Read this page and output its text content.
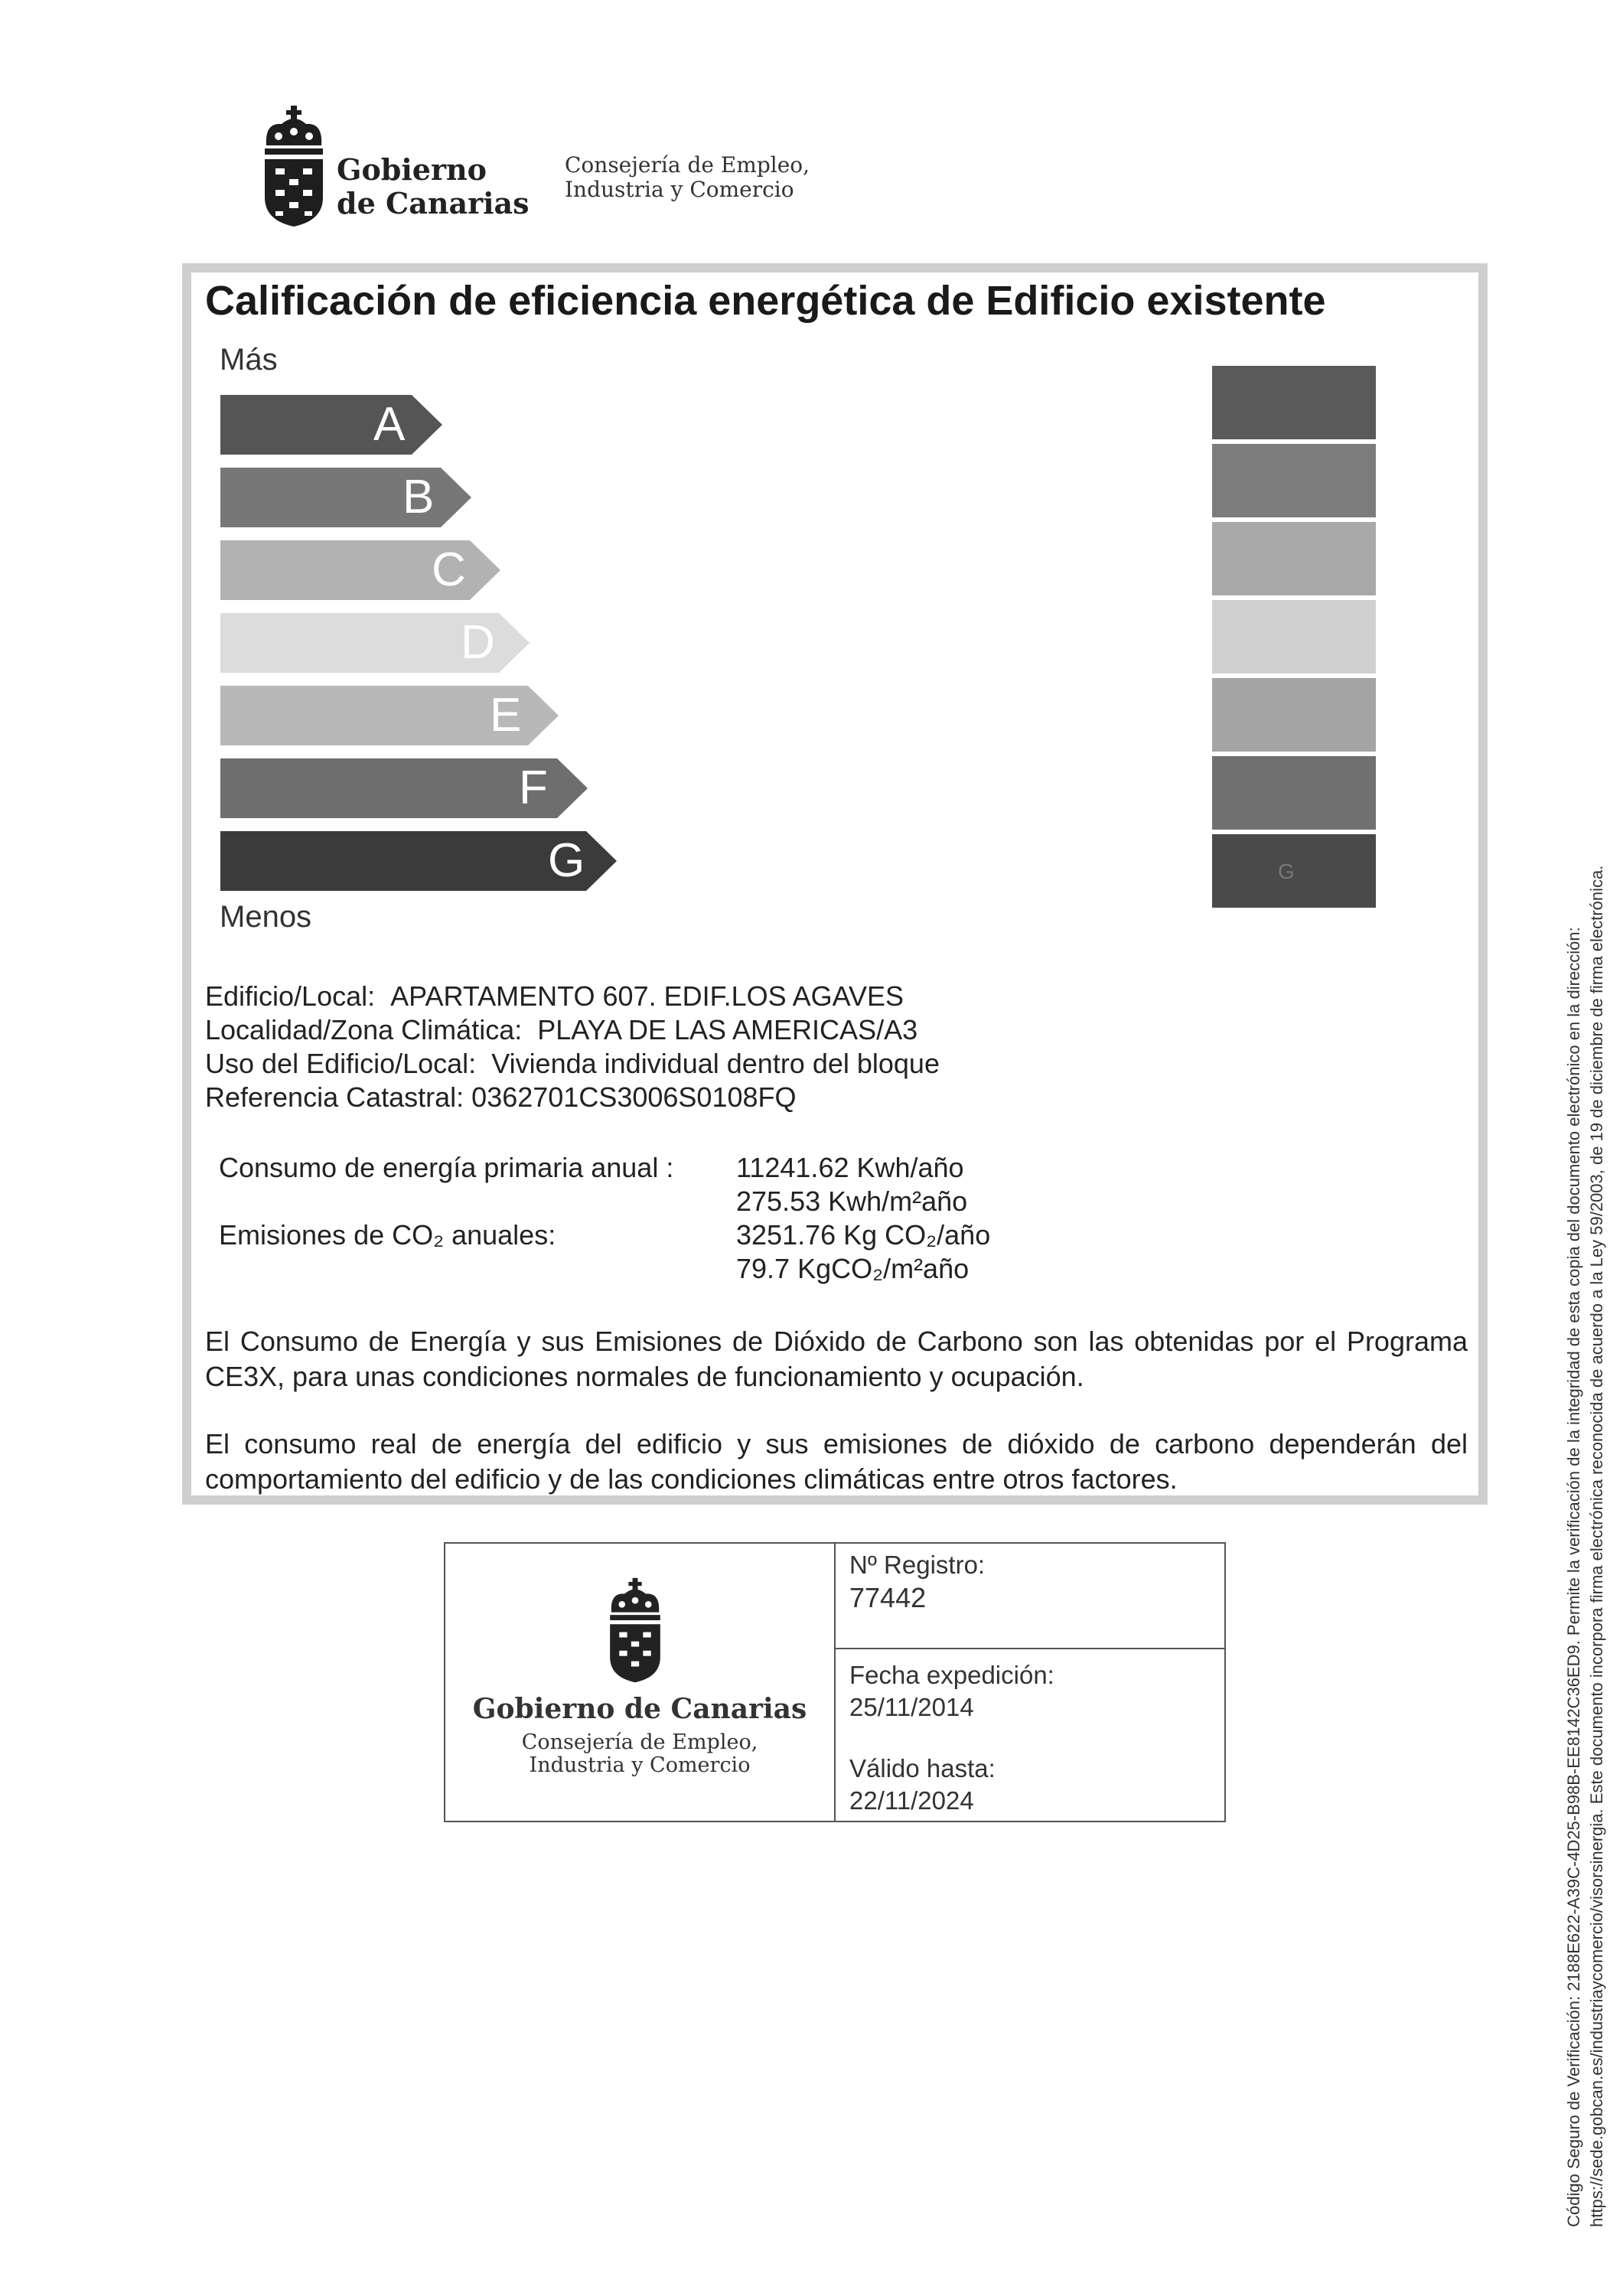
Gobierno
de Canarias
Consejería de Empleo,
Industria y Comercio
Calificación de eficiencia energética de Edificio existente
Más
Menos
A
B
C
D
E
F
G	G
Edificio/Local: APARTAMENTO 607. EDIF.LOS AGAVES
Localidad/Zona Climática: PLAYA DE LAS AMERICAS/A3
Uso del Edificio/Local: Vivienda individual dentro del bloque
Referencia Catastral: 0362701CS3006S0108FQ
Consumo de energía primaria anual : 11241.62 Kwh/año
275.53 Kwh/m²año
Emisiones de CO₂ anuales:	3251.76 Kg CO₂/año
79.7 KgCO₂/m²año
El Consumo de Energía y sus Emisiones de Dióxido de Carbono son las obtenidas por el Programa CE3X, para unas condiciones normales de funcionamiento y ocupación.
El consumo real de energía del edificio y sus emisiones de dióxido de carbono dependerán del comportamiento del edificio y de las condiciones climáticas entre otros factores.
Gobierno de Canarias
Consejería de Empleo,
Industria y Comercio
Nº Registro:
77442
Fecha expedición:
25/11/2014
Válido hasta:
22/11/2024	Código Seguro de Verificación: 2188E622-A39C-4D25-B98B-EE8142C36ED9. Permite la verificación de la integridad de esta copia del documento electrónico en la dirección: https://sede.gobcan.es/industriaycomercio/visorsinergia. Este documento incorpora firma electrónica reconocida de acuerdo a la Ley 59/2003, de 19 de diciembre de firma electrónica.
